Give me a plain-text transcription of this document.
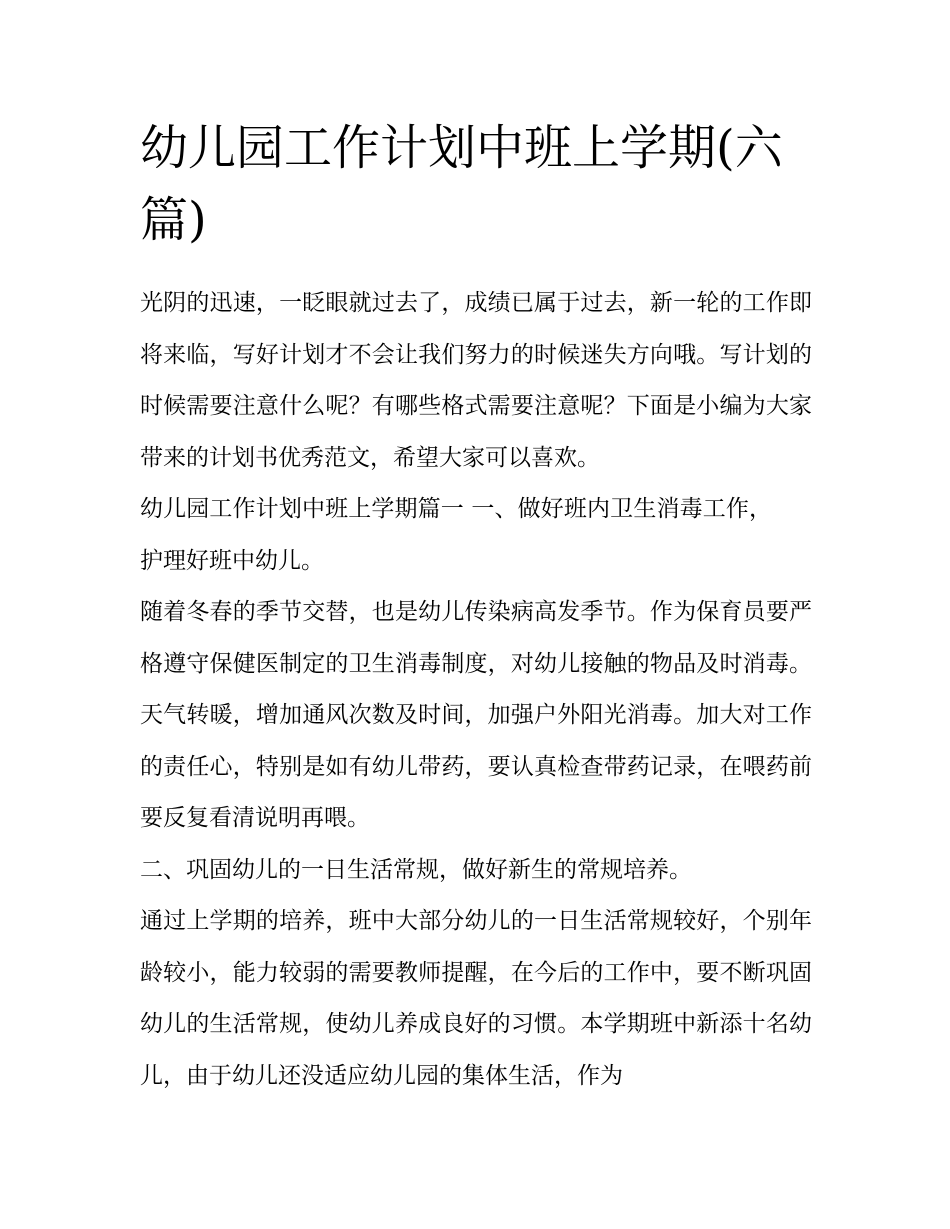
幼儿园工作计划中班上学期(六篇)

光阴的迅速，一眨眼就过去了，成绩已属于过去，新一轮的工作即将来临，写好计划才不会让我们努力的时候迷失方向哦。写计划的时候需要注意什么呢？有哪些格式需要注意呢？下面是小编为大家带来的计划书优秀范文，希望大家可以喜欢。

幼儿园工作计划中班上学期篇一 一、做好班内卫生消毒工作，护理好班中幼儿。

随着冬春的季节交替，也是幼儿传染病高发季节。作为保育员要严格遵守保健医制定的卫生消毒制度，对幼儿接触的物品及时消毒。天气转暖，增加通风次数及时间，加强户外阳光消毒。加大对工作的责任心，特别是如有幼儿带药，要认真检查带药记录，在喂药前要反复看清说明再喂。

二、巩固幼儿的一日生活常规，做好新生的常规培养。

通过上学期的培养，班中大部分幼儿的一日生活常规较好，个别年龄较小，能力较弱的需要教师提醒，在今后的工作中，要不断巩固幼儿的生活常规，使幼儿养成良好的习惯。本学期班中新添十名幼儿，由于幼儿还没适应幼儿园的集体生活，作为
